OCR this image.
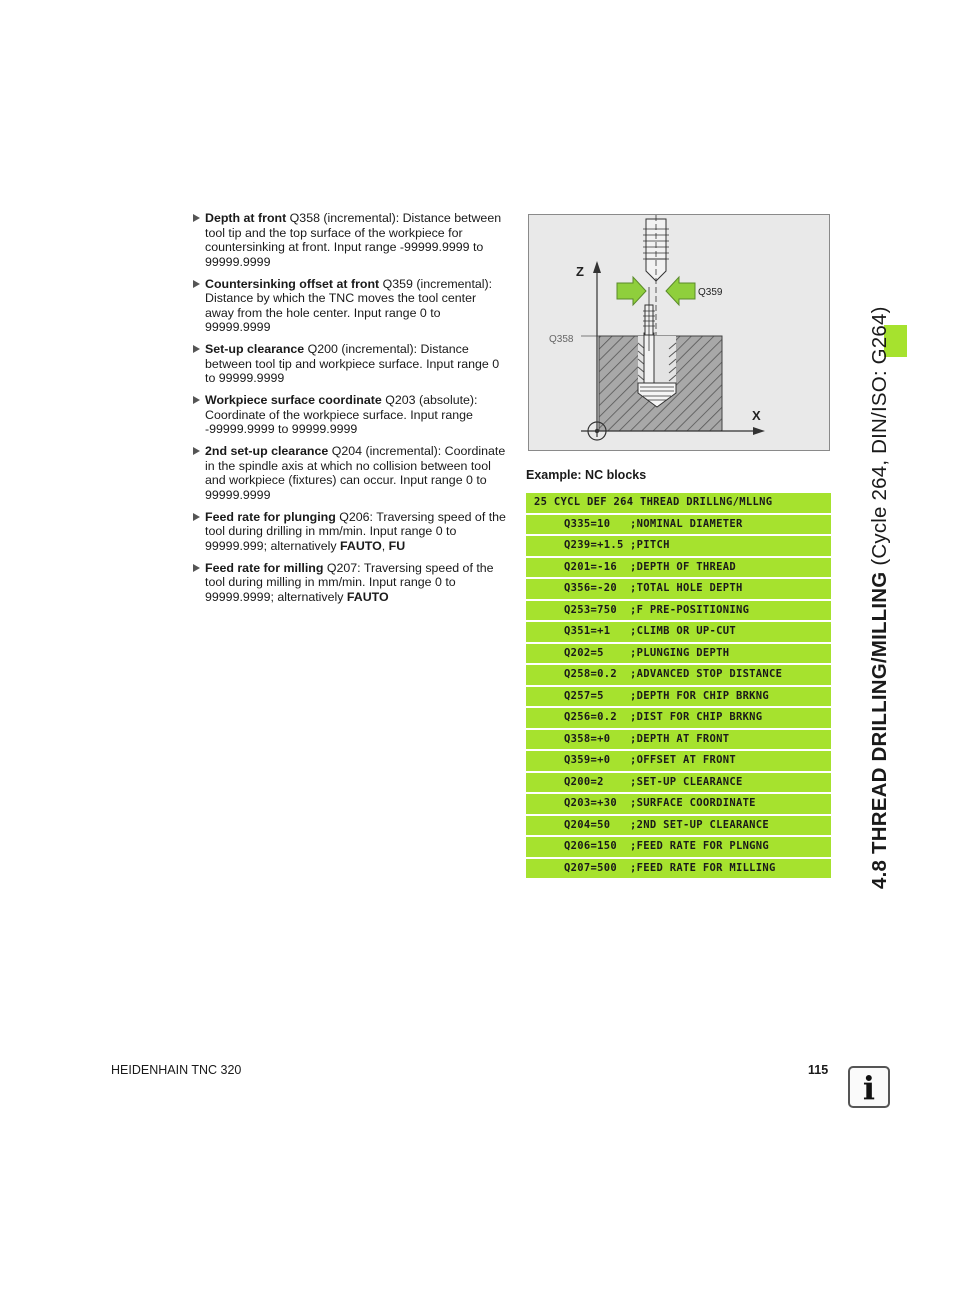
Depth at front Q358 (incremental): Distance between tool tip and the top surface of the workpiece for countersinking at front. Input range -99999.9999 to 99999.9999
Countersinking offset at front Q359 (incremental): Distance by which the TNC moves the tool center away from the hole center. Input range 0 to 99999.9999
Set-up clearance Q200 (incremental): Distance between tool tip and workpiece surface. Input range 0 to 99999.9999
Workpiece surface coordinate Q203 (absolute): Coordinate of the workpiece surface. Input range -99999.9999 to 99999.9999
2nd set-up clearance Q204 (incremental): Coordinate in the spindle axis at which no collision between tool and workpiece (fixtures) can occur. Input range 0 to 99999.9999
Feed rate for plunging Q206: Traversing speed of the tool during drilling in mm/min. Input range 0 to 99999.999; alternatively FAUTO, FU
Feed rate for milling Q207: Traversing speed of the tool during milling in mm/min. Input range 0 to 99999.9999; alternatively FAUTO
Z
X
Q359
Q358
Example: NC blocks
25 CYCL DEF 264 THREAD DRILLNG/MLLNG
Q335=10 ;NOMINAL DIAMETER
Q239=+1.5 ;PITCH
Q201=-16 ;DEPTH OF THREAD
Q356=-20 ;TOTAL HOLE DEPTH
Q253=750 ;F PRE-POSITIONING
Q351=+1 ;CLIMB OR UP-CUT
Q202=5	;PLUNGING DEPTH
Q258=0.2 ;ADVANCED STOP DISTANCE
Q257=5	;DEPTH FOR CHIP BRKNG
Q256=0.2 ;DIST FOR CHIP BRKNG
Q358=+0 ;DEPTH AT FRONT
Q359=+0 ;OFFSET AT FRONT
Q200=2	;SET-UP CLEARANCE
Q203=+30 ;SURFACE COORDINATE
Q204=50 ;2ND SET-UP CLEARANCE
Q206=150 ;FEED RATE FOR PLNGNG
Q207=500 ;FEED RATE FOR MILLING	4.8 THREAD DRILLING/MILLING (Cycle 264, DIN/ISO: G264)
HEIDENHAIN TNC 320	115	i
